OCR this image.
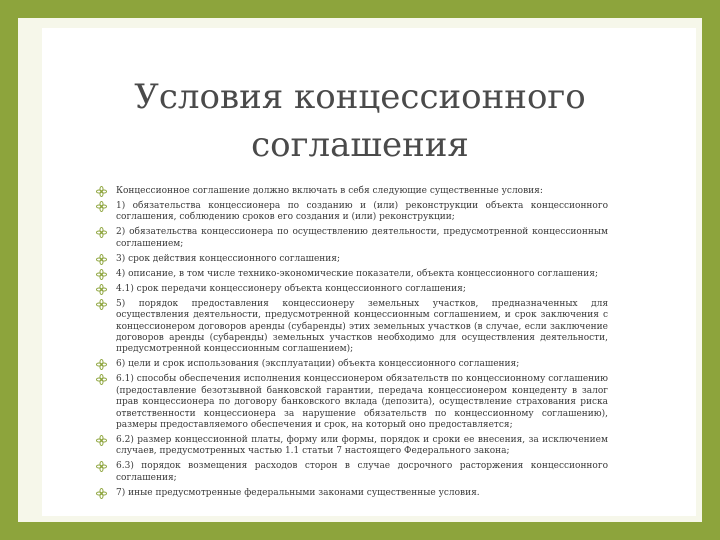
Условия концессионного
соглашения
Концессионное соглашение должно включать в себя следующие существенные условия:
1) обязательства концессионера по созданию и (или) реконструкции объекта концессионного соглашения, соблюдению сроков его создания и (или) реконструкции;
2) обязательства концессионера по осуществлению деятельности, предусмотренной концессионным соглашением;
3) срок действия концессионного соглашения;
4) описание, в том числе технико-экономические показатели, объекта концессионного соглашения;
4.1) срок передачи концессионеру объекта концессионного соглашения;
5) порядок предоставления концессионеру земельных участков, предназначенных для осуществления деятельности, предусмотренной концессионным соглашением, и срок заключения с концессионером договоров аренды (субаренды) этих земельных участков (в случае, если заключение договоров аренды (субаренды) земельных участков необходимо для осуществления деятельности, предусмотренной концессионным соглашением);
6) цели и срок использования (эксплуатации) объекта концессионного соглашения;
6.1) способы обеспечения исполнения концессионером обязательств по концессионному соглашению (предоставление безотзывной банковской гарантии, передача концессионером концеденту в залог прав концессионера по договору банковского вклада (депозита), осуществление страхования риска ответственности концессионера за нарушение обязательств по концессионному соглашению), размеры предоставляемого обеспечения и срок, на который оно предоставляется;
6.2) размер концессионной платы, форму или формы, порядок и сроки ее внесения, за исключением случаев, предусмотренных частью 1.1 статьи 7 настоящего Федерального закона;
6.3) порядок возмещения расходов сторон в случае досрочного расторжения концессионного соглашения;
7) иные предусмотренные федеральными законами существенные условия.
